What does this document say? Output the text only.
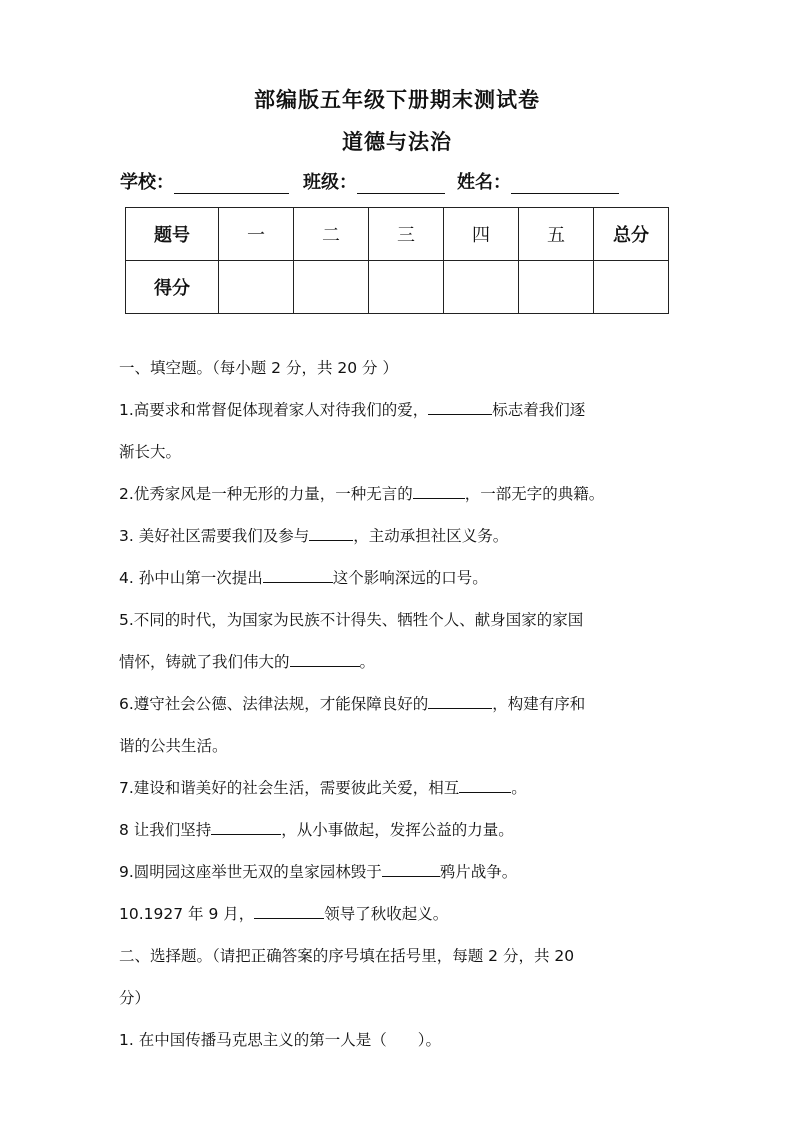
部编版五年级下册期末测试卷
道德与法治
学校：	班级：	姓名：
题号	一	二	三	四	五	总分
得分						
一、填空题。（每小题 2 分，共 20 分 ）
1.高要求和常督促体现着家人对待我们的爱，	标志着我们逐
渐长大。
2.优秀家风是一种无形的力量，一种无言的	，一部无字的典籍。
3. 美好社区需要我们及参与	，主动承担社区义务。
4. 孙中山第一次提出	这个影响深远的口号。
5.不同的时代，为国家为民族不计得失、牺牲个人、献身国家的家国
情怀，铸就了我们伟大的	。
6.遵守社会公德、法律法规，才能保障良好的	，构建有序和
谐的公共生活。
7.建设和谐美好的社会生活，需要彼此关爱，相互	。
8 让我们坚持	，从小事做起，发挥公益的力量。
9.圆明园这座举世无双的皇家园林毁于	鸦片战争。
10.1927 年 9 月，	领导了秋收起义。
二、选择题。（请把正确答案的序号填在括号里，每题 2 分，共 20
分）
1. 在中国传播马克思主义的第一人是（　　）。
